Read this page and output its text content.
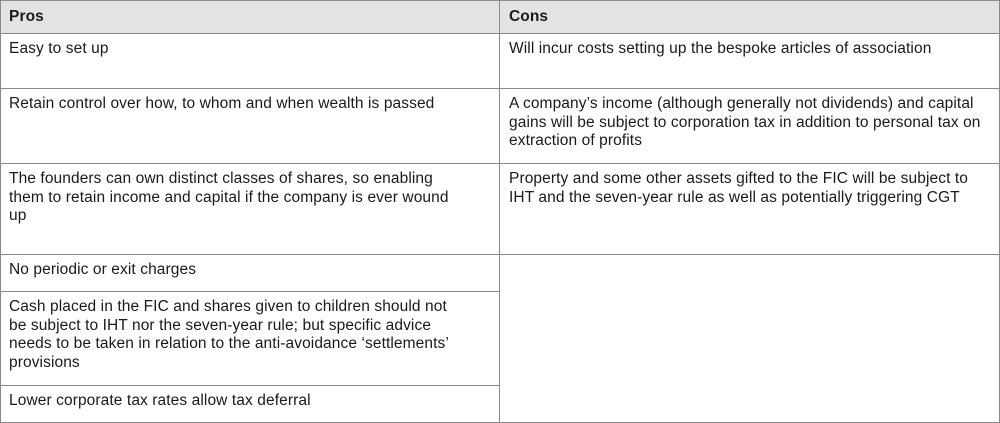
Pros	Cons
Easy to set up
Retain control over how, to whom and when wealth is passed
The founders can own distinct classes of shares, so enabling them to retain income and capital if the company is ever wound up
No periodic or exit charges
Cash placed in the FIC and shares given to children should not be subject to IHT nor the seven-year rule; but specific advice needs to be taken in relation to the anti-avoidance ‘settlements’ provisions
Lower corporate tax rates allow tax deferral
Will incur costs setting up the bespoke articles of association
A company’s income (although generally not dividends) and capital gains will be subject to corporation tax in addition to personal tax on extraction of profits
Property and some other assets gifted to the FIC will be subject to IHT and the seven-year rule as well as potentially triggering CGT
